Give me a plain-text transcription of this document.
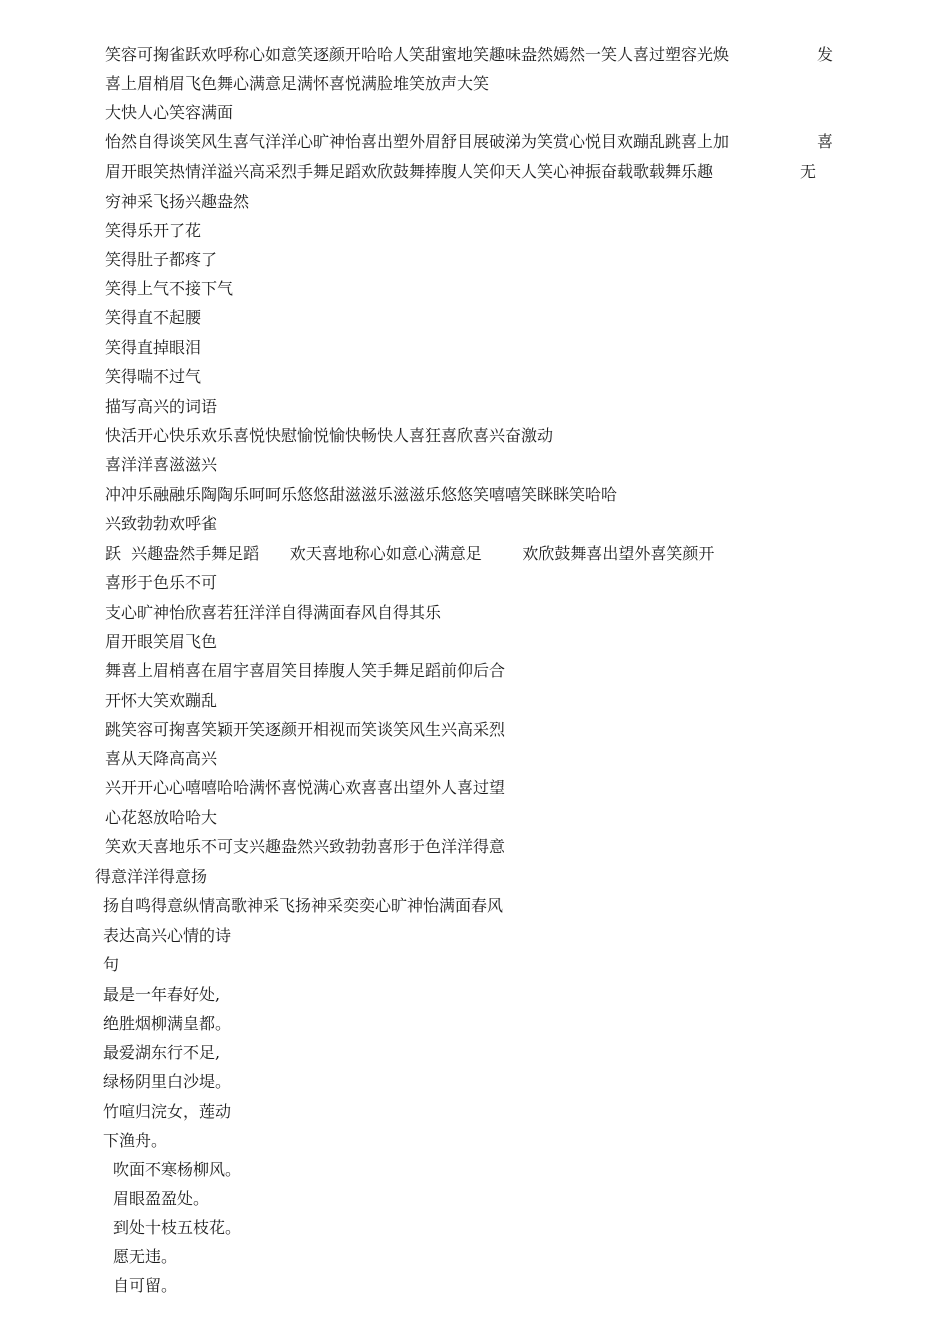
笑容可掬雀跃欢呼称心如意笑逐颜开哈哈人笑甜蜜地笑趣味盎然嫣然一笑人喜过塑容光焕	发
喜上眉梢眉飞色舞心满意足满怀喜悦满脸堆笑放声大笑
大快人心笑容满面
怡然自得谈笑风生喜气洋洋心旷神怡喜出塑外眉舒目展破涕为笑赏心悦目欢蹦乱跳喜上加	喜
眉开眼笑热情洋溢兴高采烈手舞足蹈欢欣鼓舞捧腹人笑仰天人笑心神振奋载歌载舞乐趣	无
穷神采飞扬兴趣盎然
笑得乐开了花
笑得肚子都疼了
笑得上气不接下气
笑得直不起腰
笑得直掉眼泪
笑得喘不过气
描写高兴的词语
快活开心快乐欢乐喜悦快慰愉悦愉快畅快人喜狂喜欣喜兴奋激动
喜洋洋喜滋滋兴
冲冲乐融融乐陶陶乐呵呵乐悠悠甜滋滋乐滋滋乐悠悠笑嘻嘻笑眯眯笑哈哈
兴致勃勃欢呼雀
跃  兴趣盎然手舞足蹈      欢天喜地称心如意心满意足        欢欣鼓舞喜出望外喜笑颜开
喜形于色乐不可
支心旷神怡欣喜若狂洋洋自得满面春风自得其乐
眉开眼笑眉飞色
舞喜上眉梢喜在眉宇喜眉笑目捧腹人笑手舞足蹈前仰后合
开怀大笑欢蹦乱
跳笑容可掬喜笑颖开笑逐颜开相视而笑谈笑风生兴高采烈
喜从天降高高兴
兴开开心心嘻嘻哈哈满怀喜悦满心欢喜喜出望外人喜过望
心花怒放哈哈大
笑欢天喜地乐不可支兴趣盎然兴致勃勃喜形于色洋洋得意
得意洋洋得意扬
扬自鸣得意纵情高歌神采飞扬神采奕奕心旷神怡满面春风
表达高兴心情的诗
句
最是一年春好处,
绝胜烟柳满皇都。
最爱湖东行不足,
绿杨阴里白沙堤。
竹喧归浣女，莲动
下渔舟。
吹面不寒杨柳风。
眉眼盈盈处。
到处十枝五枝花。
愿无违。
自可留。
